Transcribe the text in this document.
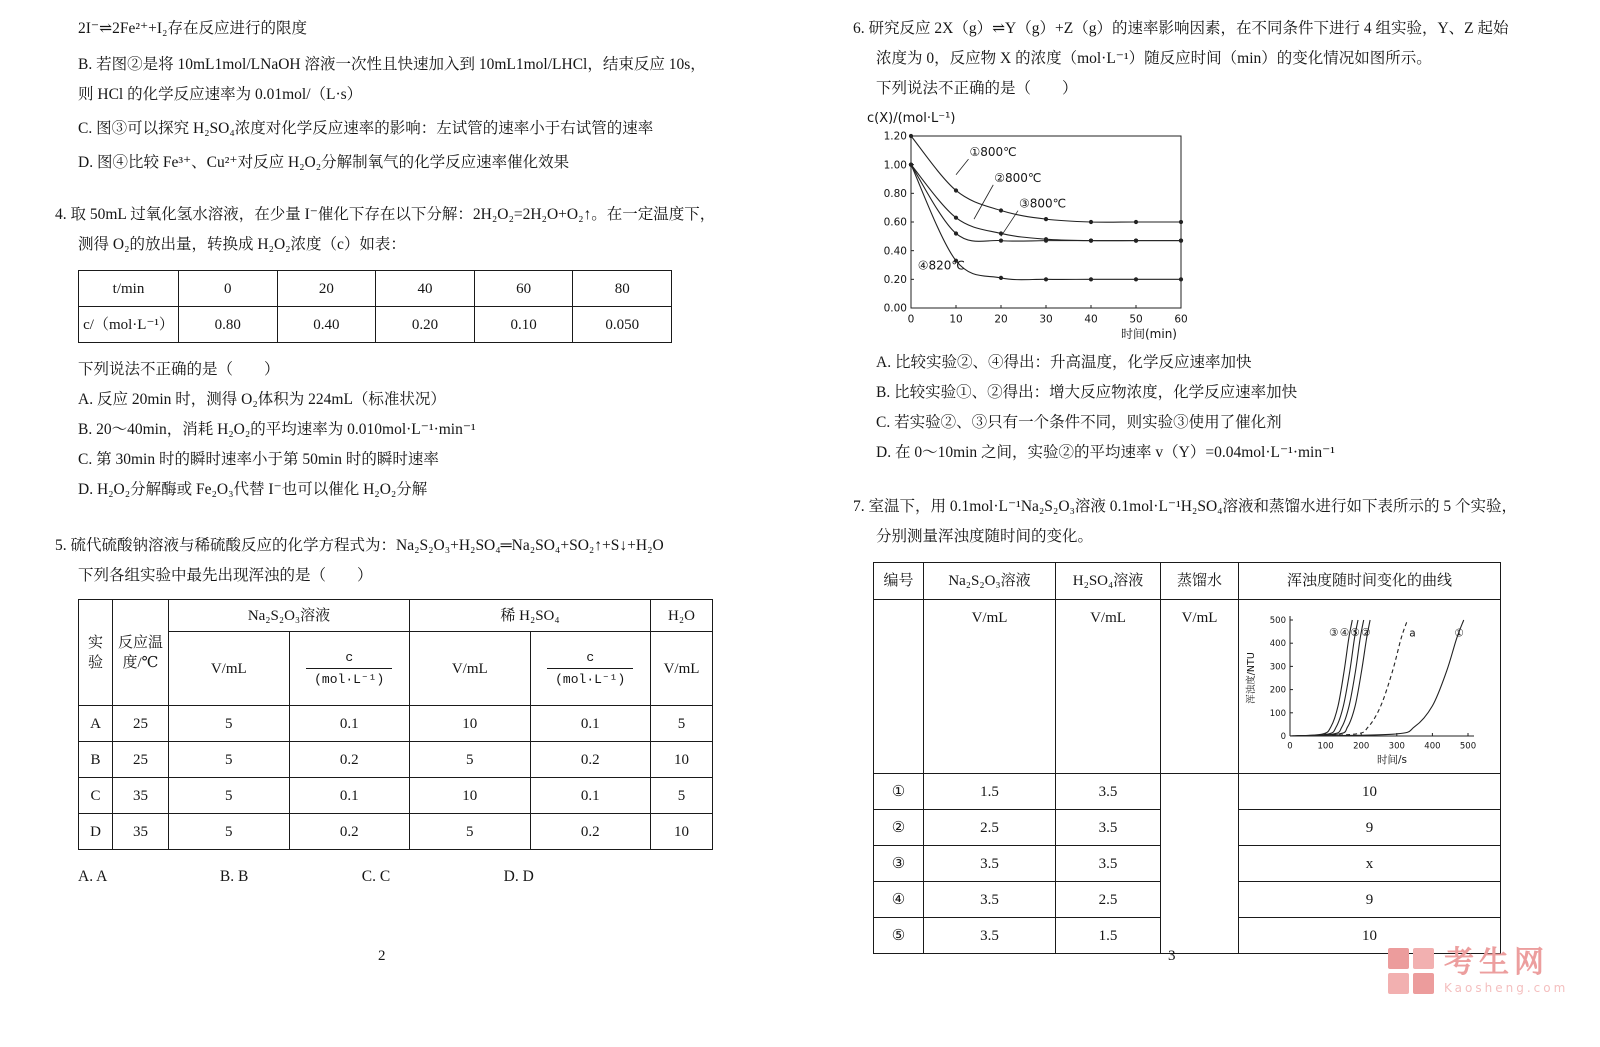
2I⁻⇌2Fe²⁺+I₂存在反应进行的限度
B. 若图②是将 10mL1mol/LNaOH 溶液一次性且快速加入到 10mL1mol/LHCl，结束反应 10s，则 HCl 的化学反应速率为 0.01mol/（L·s）
C. 图③可以探究 H₂SO₄浓度对化学反应速率的影响：左试管的速率小于右试管的速率
D. 图④比较 Fe³⁺、Cu²⁺对反应 H₂O₂分解制氧气的化学反应速率催化效果
4. 取 50mL 过氧化氢水溶液，在少量 I⁻催化下存在以下分解：2H₂O₂=2H₂O+O₂↑。在一定温度下，测得 O₂的放出量，转换成 H₂O₂浓度（c）如表：
t/min	0	20	40	60	80
c/（mol·L⁻¹）	0.80	0.40	0.20	0.10	0.050
下列说法不正确的是（　　）
A. 反应 20min 时，测得 O₂体积为 224mL（标准状况）
B. 20～40min，消耗 H₂O₂的平均速率为 0.010mol·L⁻¹·min⁻¹
C. 第 30min 时的瞬时速率小于第 50min 时的瞬时速率
D. H₂O₂分解酶或 Fe₂O₃代替 I⁻也可以催化 H₂O₂分解
5. 硫代硫酸钠溶液与稀硫酸反应的化学方程式为：Na₂S₂O₃+H₂SO₄═Na₂SO₄+SO₂↑+S↓+H₂O
下列各组实验中最先出现浑浊的是（　　）
实验	反应温度/℃	Na₂S₂O₃溶液		稀 H₂SO₄		H₂O
		V/mL	$\frac{c}{\text{(mol·L⁻¹)}}$	V/mL	$\frac{c}{\text{(mol·L⁻¹)}}$	V/mL
A	25	5	0.1	10	0.1	5
B	25	5	0.2	5	0.2	10
C	35	5	0.1	10	0.1	5
D	35	5	0.2	5	0.2	10
A. A	B. B	C. C	D. D
6. 研究反应 2X（g）⇌Y（g）+Z（g）的速率影响因素，在不同条件下进行 4 组实验，Y、Z 起始浓度为 0，反应物 X 的浓度（mol·L⁻¹）随反应时间（min）的变化情况如图所示。
下列说法不正确的是（　　）
c(X)/(mol·L⁻¹)
0	10	20	30	40	50	60
0.00
0.20
0.40
0.60
0.80
1.00
1.20
①800℃
②800℃
③800℃
④820℃
时间(min)
A. 比较实验②、④得出：升高温度，化学反应速率加快
B. 比较实验①、②得出：增大反应物浓度，化学反应速率加快
C. 若实验②、③只有一个条件不同，则实验③使用了催化剂
D. 在 0～10min 之间，实验②的平均速率 v（Y）=0.04mol·L⁻¹·min⁻¹
7. 室温下，用 0.1mol·L⁻¹Na₂S₂O₃溶液 0.1mol·L⁻¹H₂SO₄溶液和蒸馏水进行如下表所示的 5 个实验，分别测量浑浊度随时间的变化。
编号	Na₂S₂O₃溶液	H₂SO₄溶液	蒸馏水	浑浊度随时间变化的曲线
	V/mL	V/mL	V/mL	
0	100 200 300 400 500
0
100
200
300
400
500
③ ④ ⑤ ②	a	①
时间/s
浑浊度/NTU

①	1.5	3.5		10
②	2.5	3.5		9
③	3.5	3.5		x
④	3.5	2.5		9
⑤	3.5	1.5		10
2	3	考生网
Kaosheng.com
